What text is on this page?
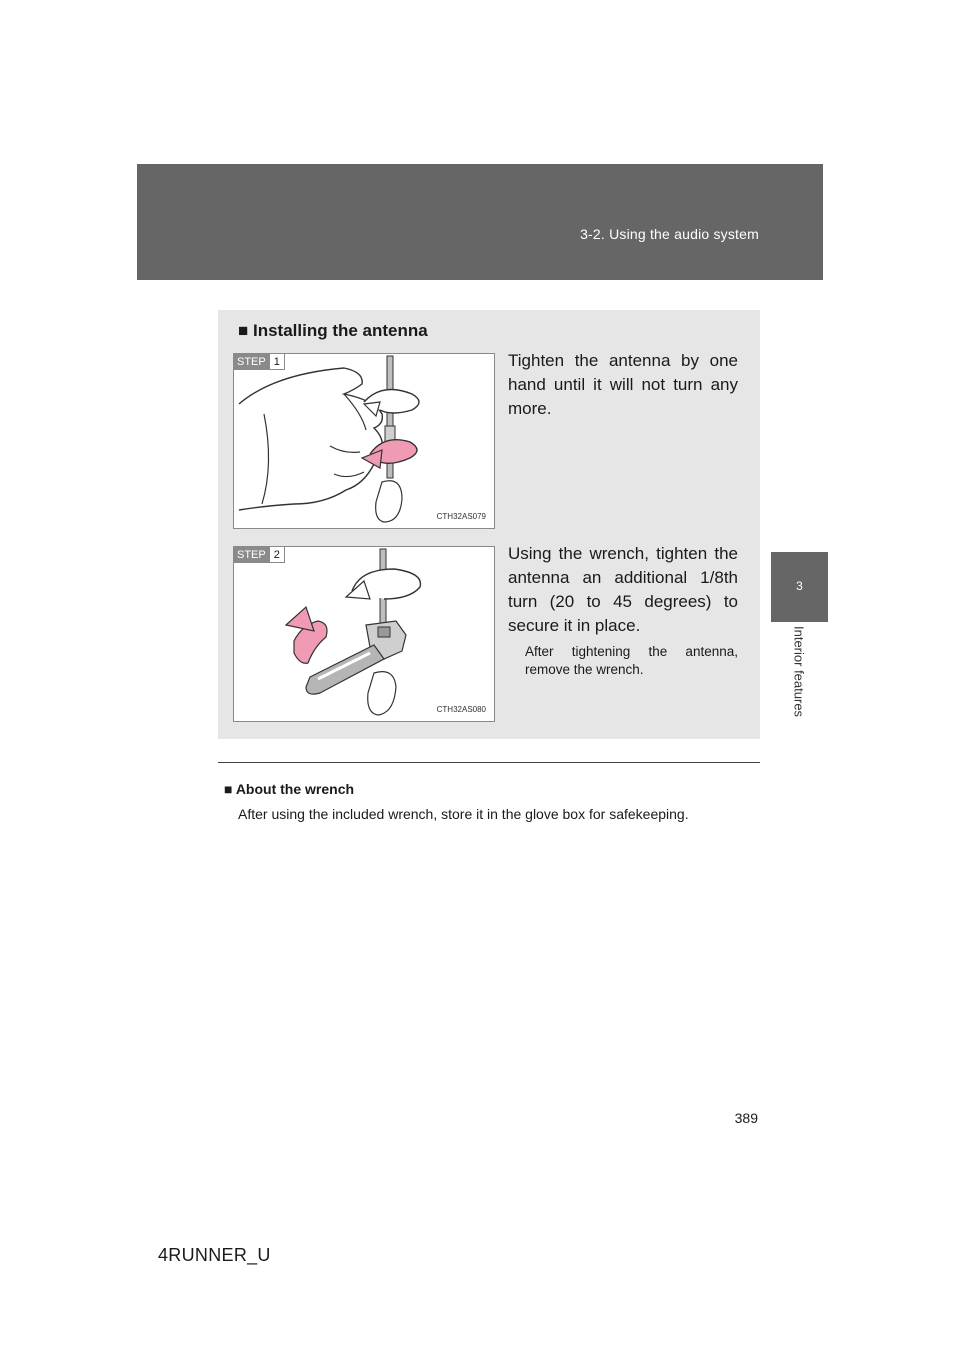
3-2. Using the audio system
3
Interior features
■ Installing the antenna
STEP 1
CTH32AS079
Tighten the antenna by one hand until it will not turn any more.
STEP 2
CTH32AS080
Using the wrench, tighten the antenna an additional 1/8th turn (20 to 45 degrees) to secure it in place.
After tightening the antenna, remove the wrench.
■ About the wrench
After using the included wrench, store it in the glove box for safekeeping.
389
4RUNNER_U
